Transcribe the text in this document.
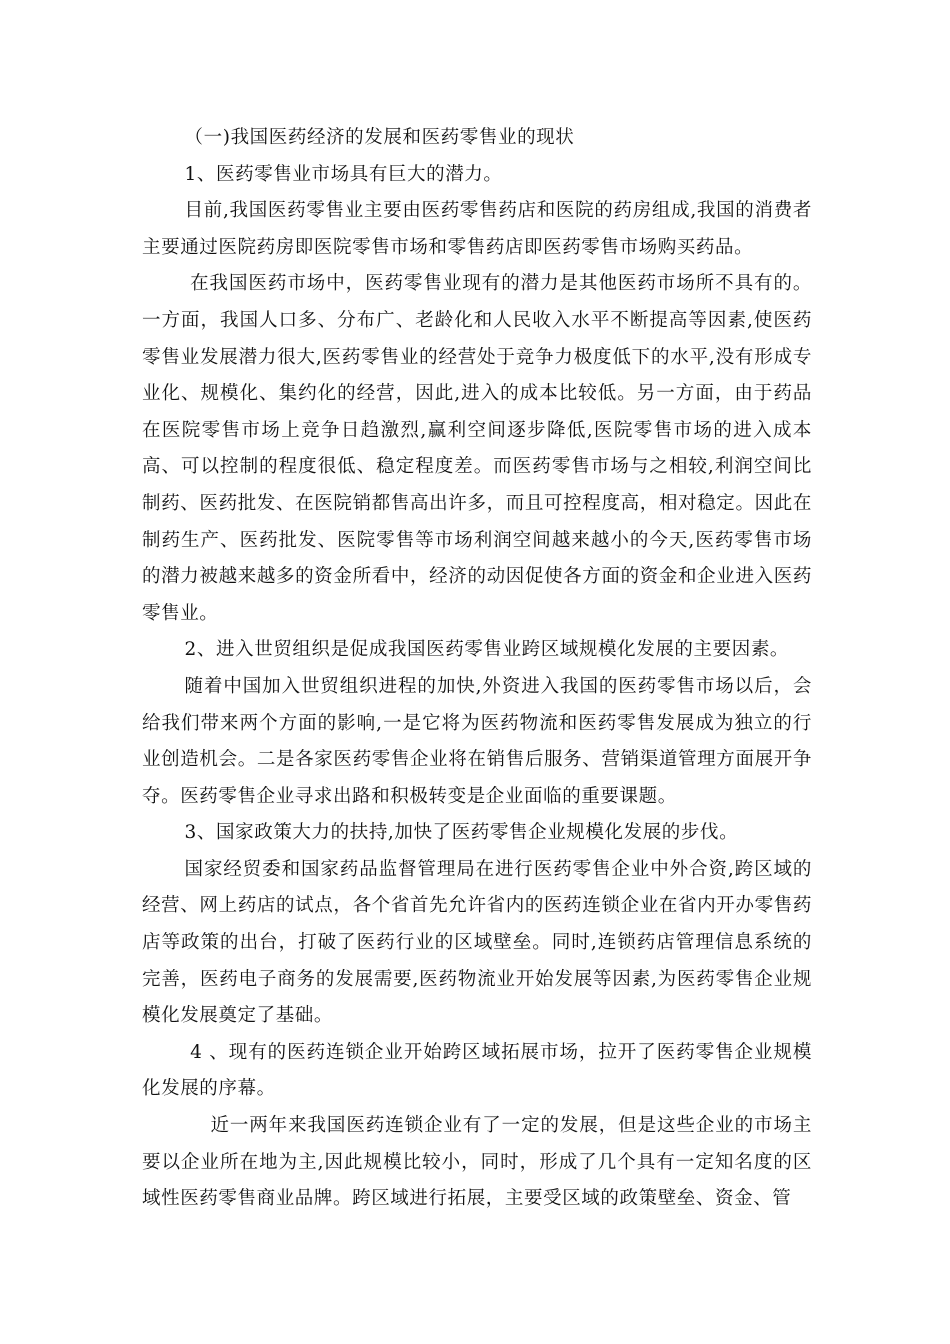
（一)我国医药经济的发展和医药零售业的现状

1、医药零售业市场具有巨大的潜力。

目前,我国医药零售业主要由医药零售药店和医院的药房组成,我国的消费者主要通过医院药房即医院零售市场和零售药店即医药零售市场购买药品。

在我国医药市场中，医药零售业现有的潜力是其他医药市场所不具有的。一方面，我国人口多、分布广、老龄化和人民收入水平不断提高等因素,使医药零售业发展潜力很大,医药零售业的经营处于竞争力极度低下的水平,没有形成专业化、规模化、集约化的经营，因此,进入的成本比较低。另一方面，由于药品在医院零售市场上竞争日趋激烈,赢利空间逐步降低,医院零售市场的进入成本高、可以控制的程度很低、稳定程度差。而医药零售市场与之相较,利润空间比制药、医药批发、在医院销都售高出许多，而且可控程度高，相对稳定。因此在制药生产、医药批发、医院零售等市场利润空间越来越小的今天,医药零售市场的潜力被越来越多的资金所看中，经济的动因促使各方面的资金和企业进入医药零售业。

2、进入世贸组织是促成我国医药零售业跨区域规模化发展的主要因素。

随着中国加入世贸组织进程的加快,外资进入我国的医药零售市场以后，会给我们带来两个方面的影响,一是它将为医药物流和医药零售发展成为独立的行业创造机会。二是各家医药零售企业将在销售后服务、营销渠道管理方面展开争夺。医药零售企业寻求出路和积极转变是企业面临的重要课题。

3、国家政策大力的扶持,加快了医药零售企业规模化发展的步伐。

国家经贸委和国家药品监督管理局在进行医药零售企业中外合资,跨区域的经营、网上药店的试点，各个省首先允许省内的医药连锁企业在省内开办零售药店等政策的出台，打破了医药行业的区域壁垒。同时,连锁药店管理信息系统的完善，医药电子商务的发展需要,医药物流业开始发展等因素,为医药零售企业规模化发展奠定了基础。

4 、现有的医药连锁企业开始跨区域拓展市场，拉开了医药零售企业规模化发展的序幕。

近一两年来我国医药连锁企业有了一定的发展，但是这些企业的市场主要以企业所在地为主,因此规模比较小，同时，形成了几个具有一定知名度的区域性医药零售商业品牌。跨区域进行拓展，主要受区域的政策壁垒、资金、管
